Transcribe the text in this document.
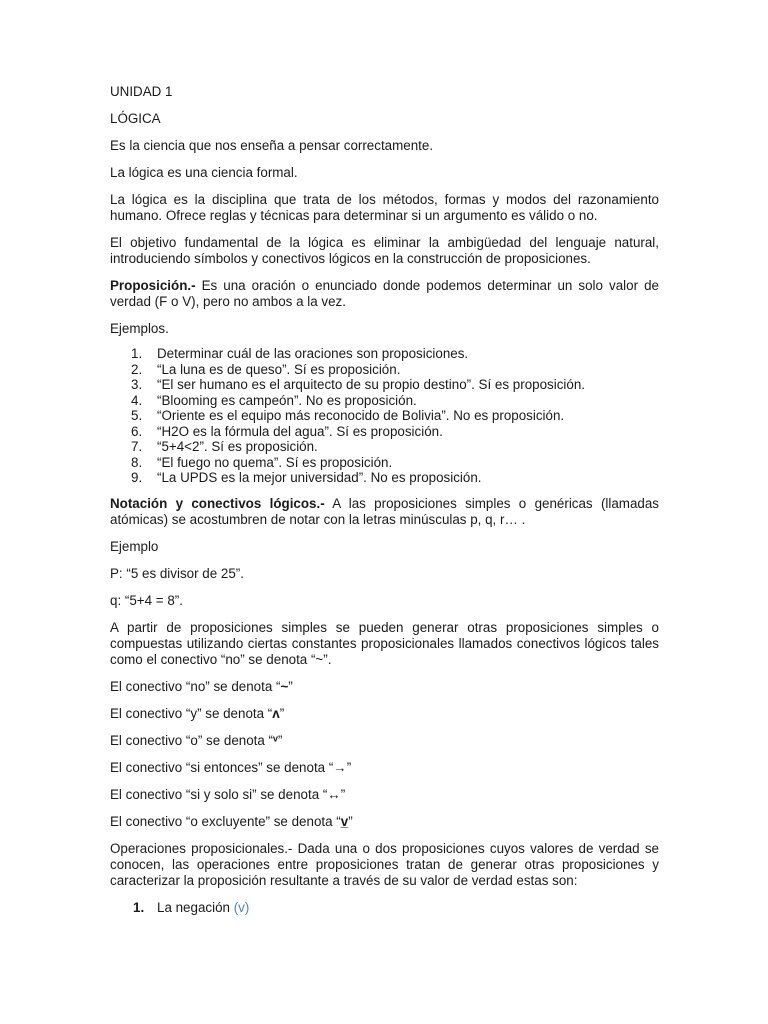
UNIDAD 1

LÓGICA

Es la ciencia que nos enseña a pensar correctamente.

La lógica es una ciencia formal.

La lógica es la disciplina que trata de los métodos, formas y modos del razonamiento humano. Ofrece reglas y técnicas para determinar si un argumento es válido o no.

El objetivo fundamental de la lógica es eliminar la ambigüedad del lenguaje natural, introduciendo símbolos y conectivos lógicos en la construcción de proposiciones.

Proposición.- Es una oración o enunciado donde podemos determinar un solo valor de verdad (F o V), pero no ambos a la vez.

Ejemplos.

1. Determinar cuál de las oraciones son proposiciones.
2. “La luna es de queso”. Sí es proposición.
3. “El ser humano es el arquitecto de su propio destino”. Sí es proposición.
4. “Blooming es campeón”. No es proposición.
5. “Oriente es el equipo más reconocido de Bolivia”. No es proposición.
6. “H2O es la fórmula del agua”. Sí es proposición.
7. “5+4<2”. Sí es proposición.
8. “El fuego no quema”. Sí es proposición.
9. “La UPDS es la mejor universidad”. No es proposición.

Notación y conectivos lógicos.- A las proposiciones simples o genéricas (llamadas atómicas) se acostumbren de notar con la letras minúsculas p, q, r… .

Ejemplo

P: “5 es divisor de 25”.

q: “5+4 = 8”.

A partir de proposiciones simples se pueden generar otras proposiciones simples o compuestas utilizando ciertas constantes proposicionales llamados conectivos lógicos tales como el conectivo “no” se denota “~”.

El conectivo “no” se denota “~”

El conectivo “y” se denota “ʌ”

El conectivo “o” se denota “ᵛ”

El conectivo “si entonces” se denota “→”

El conectivo “si y solo si” se denota “↔”

El conectivo “o excluyente” se denota “v̲”

Operaciones proposicionales.- Dada una o dos proposiciones cuyos valores de verdad se conocen, las operaciones entre proposiciones tratan de generar otras proposiciones y caracterizar la proposición resultante a través de su valor de verdad estas son:

1. La negación (v)
